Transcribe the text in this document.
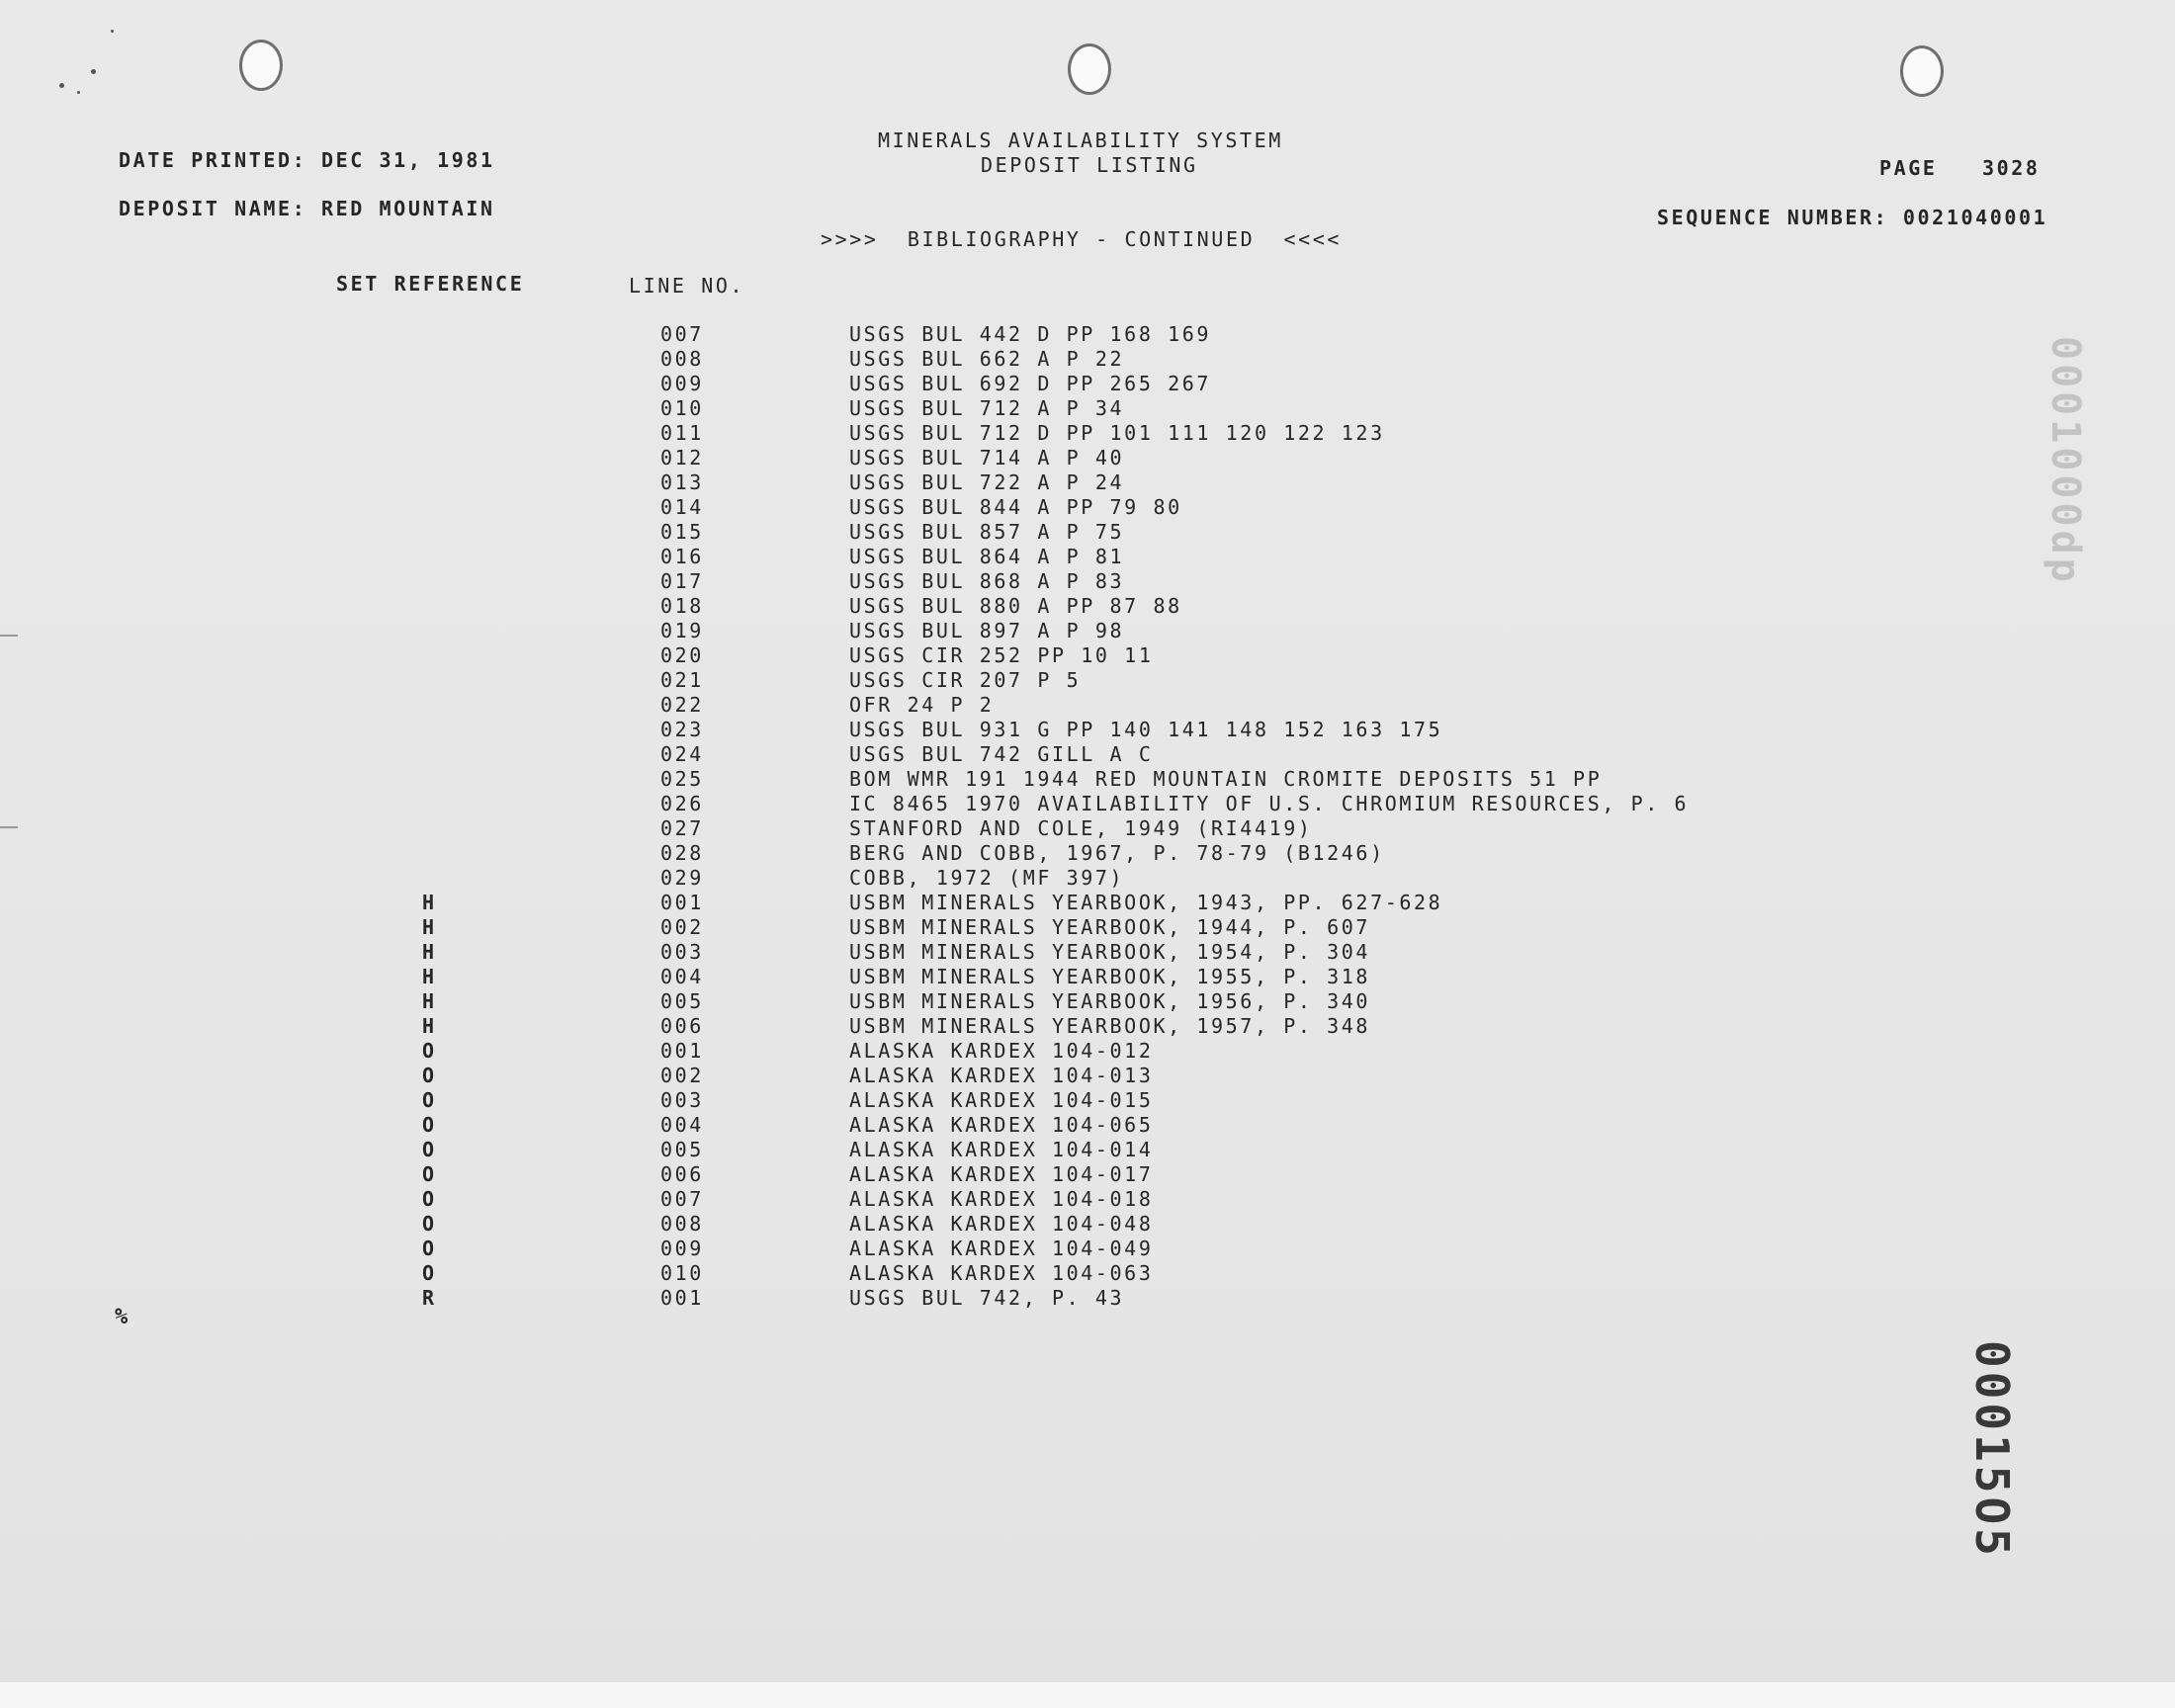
DATE PRINTED: DEC 31, 1981
MINERALS AVAILABILITY SYSTEM
DEPOSIT LISTING	PAGE 3028
DEPOSIT NAME: RED MOUNTAIN	SEQUENCE NUMBER: 0021040001
>>>>  BIBLIOGRAPHY - CONTINUED  <<<<
SET REFERENCE	LINE NO.
007	USGS BUL 442 D PP 168 169
008	USGS BUL 662 A P 22
009	USGS BUL 692 D PP 265 267
010	USGS BUL 712 A P 34
011	USGS BUL 712 D PP 101 111 120 122 123
012	USGS BUL 714 A P 40
013	USGS BUL 722 A P 24
014	USGS BUL 844 A PP 79 80
015	USGS BUL 857 A P 75
016	USGS BUL 864 A P 81
017	USGS BUL 868 A P 83
018	USGS BUL 880 A PP 87 88
019	USGS BUL 897 A P 98
020	USGS CIR 252 PP 10 11
021	USGS CIR 207 P 5
022	OFR 24 P 2
023	USGS BUL 931 G PP 140 141 148 152 163 175
024	USGS BUL 742 GILL A C
025	BOM WMR 191 1944 RED MOUNTAIN CROMITE DEPOSITS 51 PP
026	IC 8465 1970 AVAILABILITY OF U.S. CHROMIUM RESOURCES, P. 6
027	STANFORD AND COLE, 1949 (RI4419)
028	BERG AND COBB, 1967, P. 78-79 (B1246)
029	COBB, 1972 (MF 397)
H	001	USBM MINERALS YEARBOOK, 1943, PP. 627-628
H	002	USBM MINERALS YEARBOOK, 1944, P. 607
H	003	USBM MINERALS YEARBOOK, 1954, P. 304
H	004	USBM MINERALS YEARBOOK, 1955, P. 318
H	005	USBM MINERALS YEARBOOK, 1956, P. 340
H	006	USBM MINERALS YEARBOOK, 1957, P. 348
O	001	ALASKA KARDEX 104-012
O	002	ALASKA KARDEX 104-013
O	003	ALASKA KARDEX 104-015
O	004	ALASKA KARDEX 104-065
O	005	ALASKA KARDEX 104-014
O	006	ALASKA KARDEX 104-017
O	007	ALASKA KARDEX 104-018
O	008	ALASKA KARDEX 104-048
O	009	ALASKA KARDEX 104-049
O	010	ALASKA KARDEX 104-063
R	001	USGS BUL 742, P. 43
%
0001000dp
00015O5
